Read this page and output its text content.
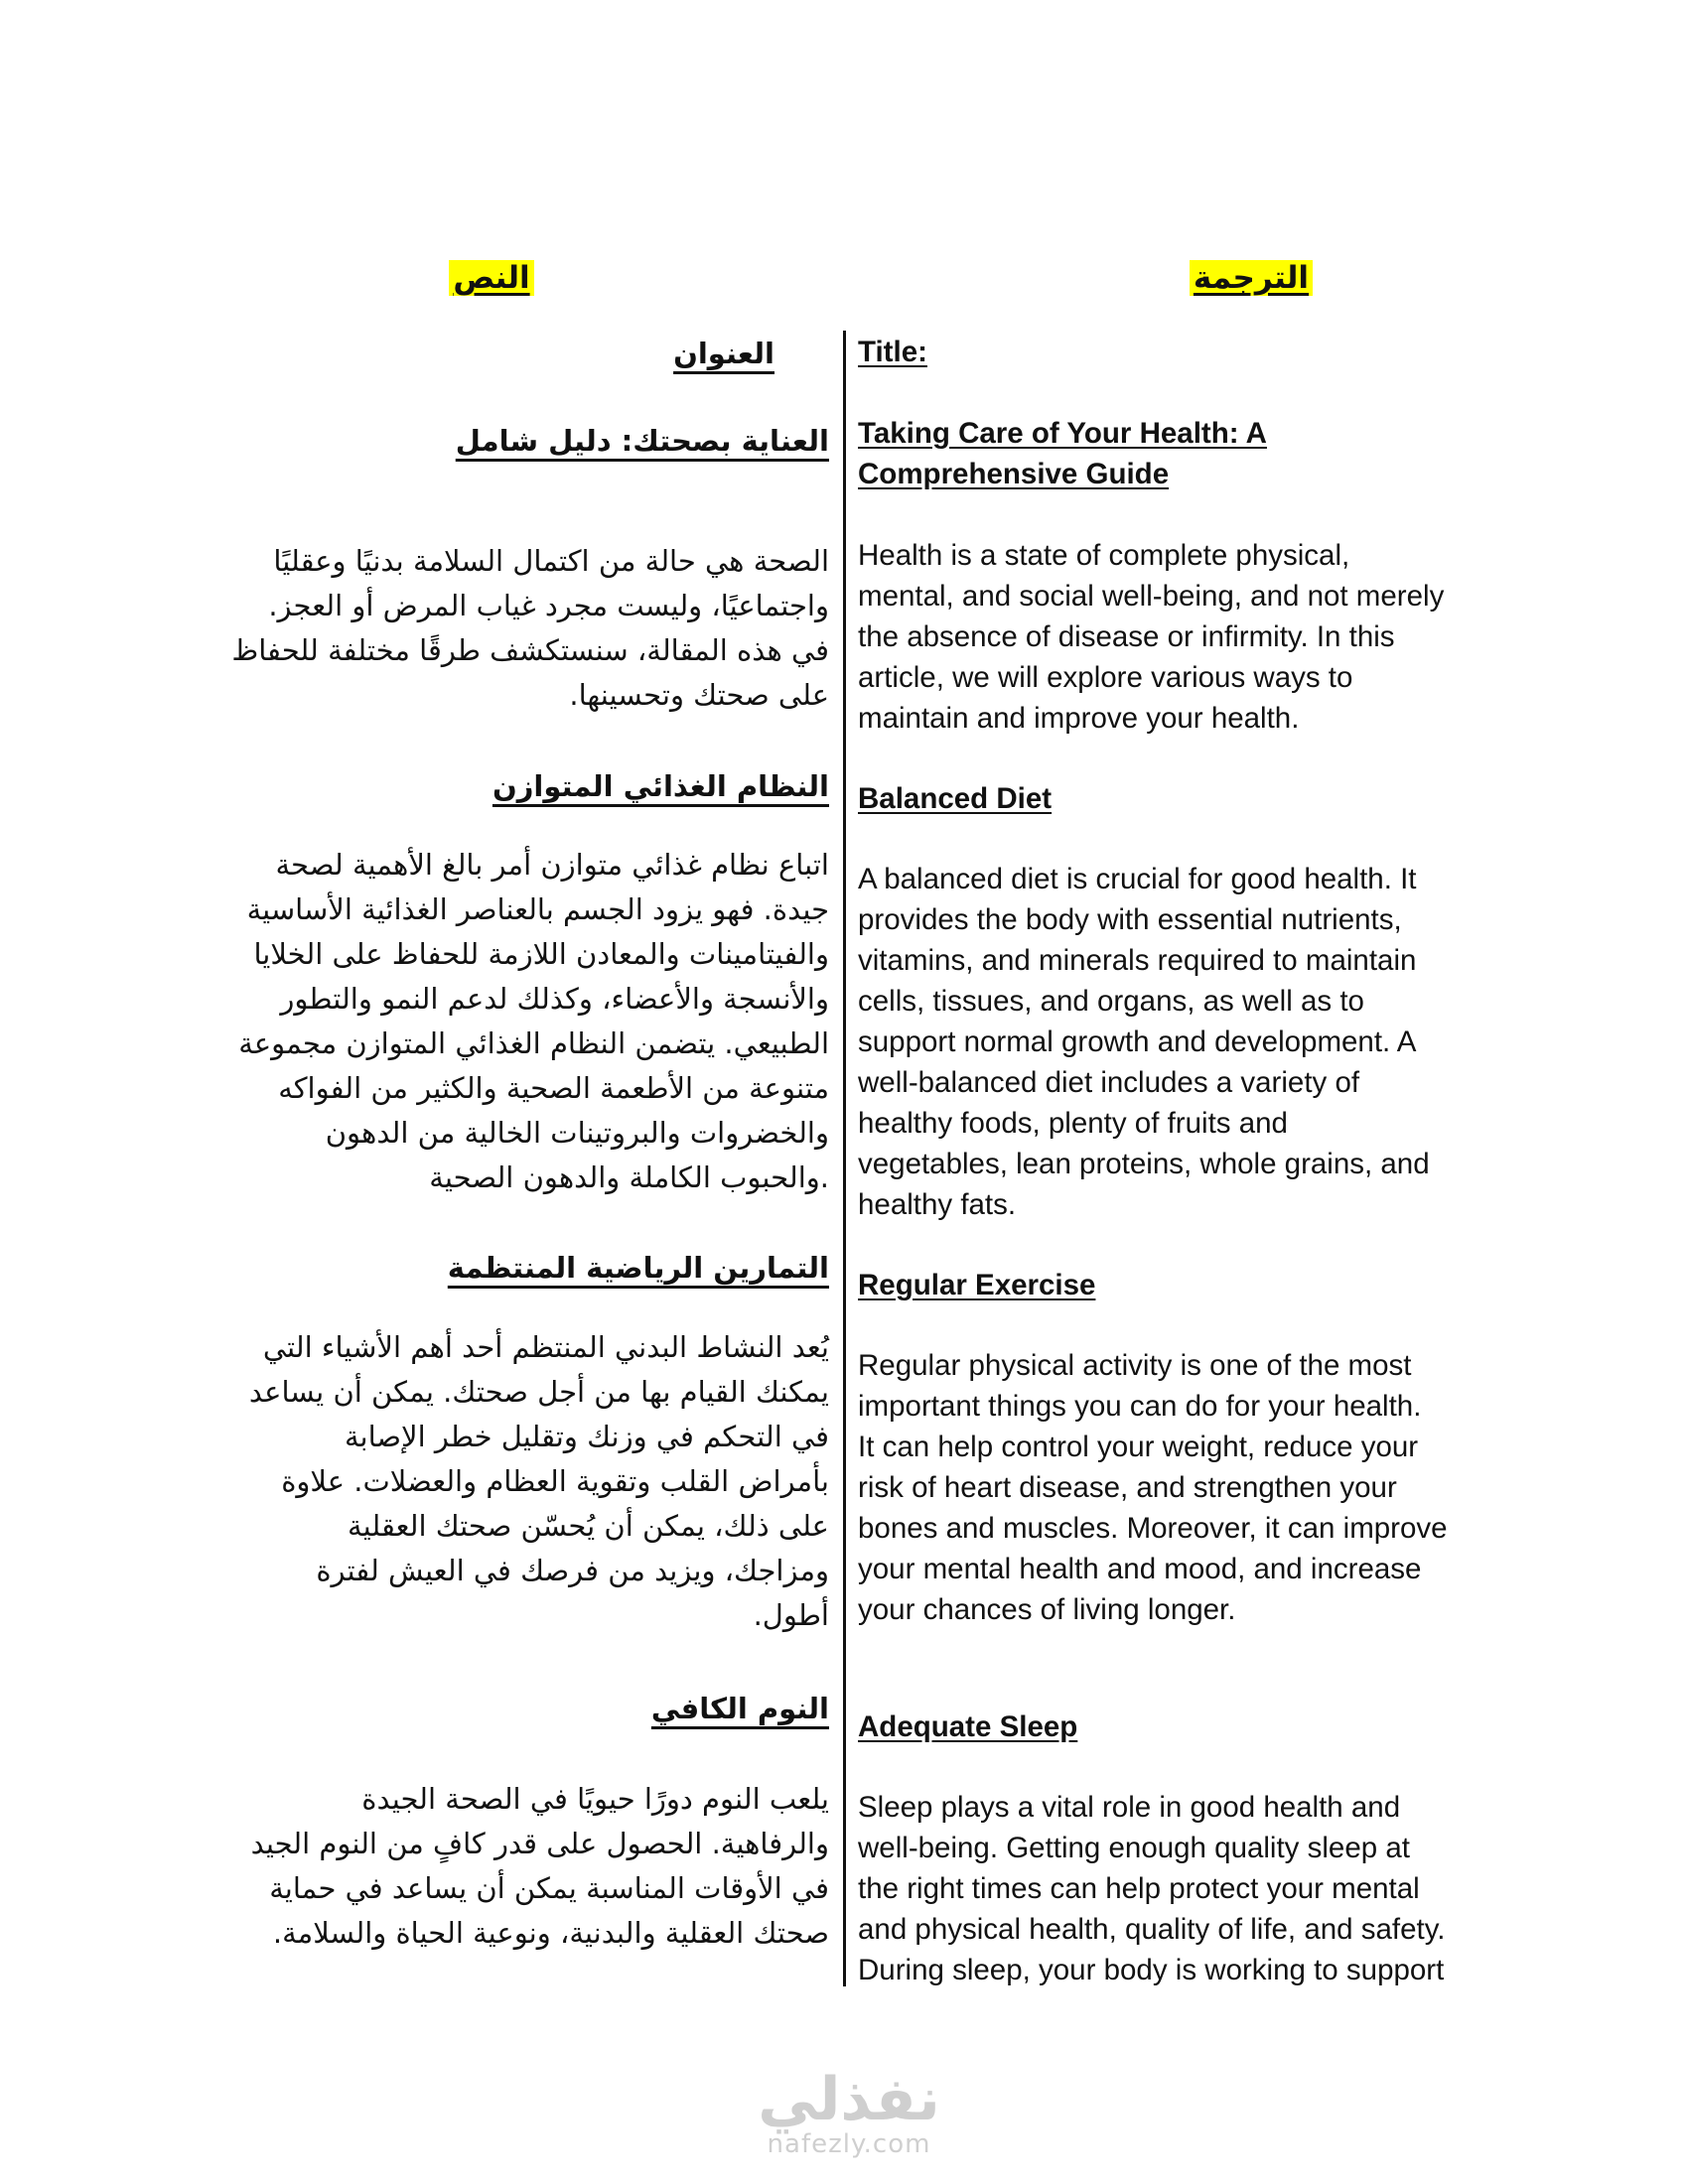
النص	الترجمة
العنوان
العناية بصحتك: دليل شامل
الصحة هي حالة من اكتمال السلامة بدنيًا وعقليًا
واجتماعيًا، وليست مجرد غياب المرض أو العجز.
في هذه المقالة، سنستكشف طرقًا مختلفة للحفاظ
على صحتك وتحسينها.
النظام الغذائي المتوازن
اتباع نظام غذائي متوازن أمر بالغ الأهمية لصحة
جيدة. فهو يزود الجسم بالعناصر الغذائية الأساسية
والفيتامينات والمعادن اللازمة للحفاظ على الخلايا
والأنسجة والأعضاء، وكذلك لدعم النمو والتطور
الطبيعي. يتضمن النظام الغذائي المتوازن مجموعة
متنوعة من الأطعمة الصحية والكثير من الفواكه
والخضروات والبروتينات الخالية من الدهون
.والحبوب الكاملة والدهون الصحية
التمارين الرياضية المنتظمة
يُعد النشاط البدني المنتظم أحد أهم الأشياء التي
يمكنك القيام بها من أجل صحتك. يمكن أن يساعد
في التحكم في وزنك وتقليل خطر الإصابة
بأمراض القلب وتقوية العظام والعضلات. علاوة
على ذلك، يمكن أن يُحسّن صحتك العقلية
ومزاجك، ويزيد من فرصك في العيش لفترة
أطول.
النوم الكافي
يلعب النوم دورًا حيويًا في الصحة الجيدة
والرفاهية. الحصول على قدر كافٍ من النوم الجيد
في الأوقات المناسبة يمكن أن يساعد في حماية
صحتك العقلية والبدنية، ونوعية الحياة والسلامة.
Title:
Taking Care of Your Health: A
Comprehensive Guide
Health is a state of complete physical,
mental, and social well-being, and not merely
the absence of disease or infirmity. In this
article, we will explore various ways to
maintain and improve your health.
Balanced Diet
A balanced diet is crucial for good health. It
provides the body with essential nutrients,
vitamins, and minerals required to maintain
cells, tissues, and organs, as well as to
support normal growth and development. A
well-balanced diet includes a variety of
healthy foods, plenty of fruits and
vegetables, lean proteins, whole grains, and
healthy fats.
Regular Exercise
Regular physical activity is one of the most
important things you can do for your health.
It can help control your weight, reduce your
risk of heart disease, and strengthen your
bones and muscles. Moreover, it can improve
your mental health and mood, and increase
your chances of living longer.
Adequate Sleep
Sleep plays a vital role in good health and
well-being. Getting enough quality sleep at
the right times can help protect your mental
and physical health, quality of life, and safety.
During sleep, your body is working to support
نفذلي
nafezly.com
